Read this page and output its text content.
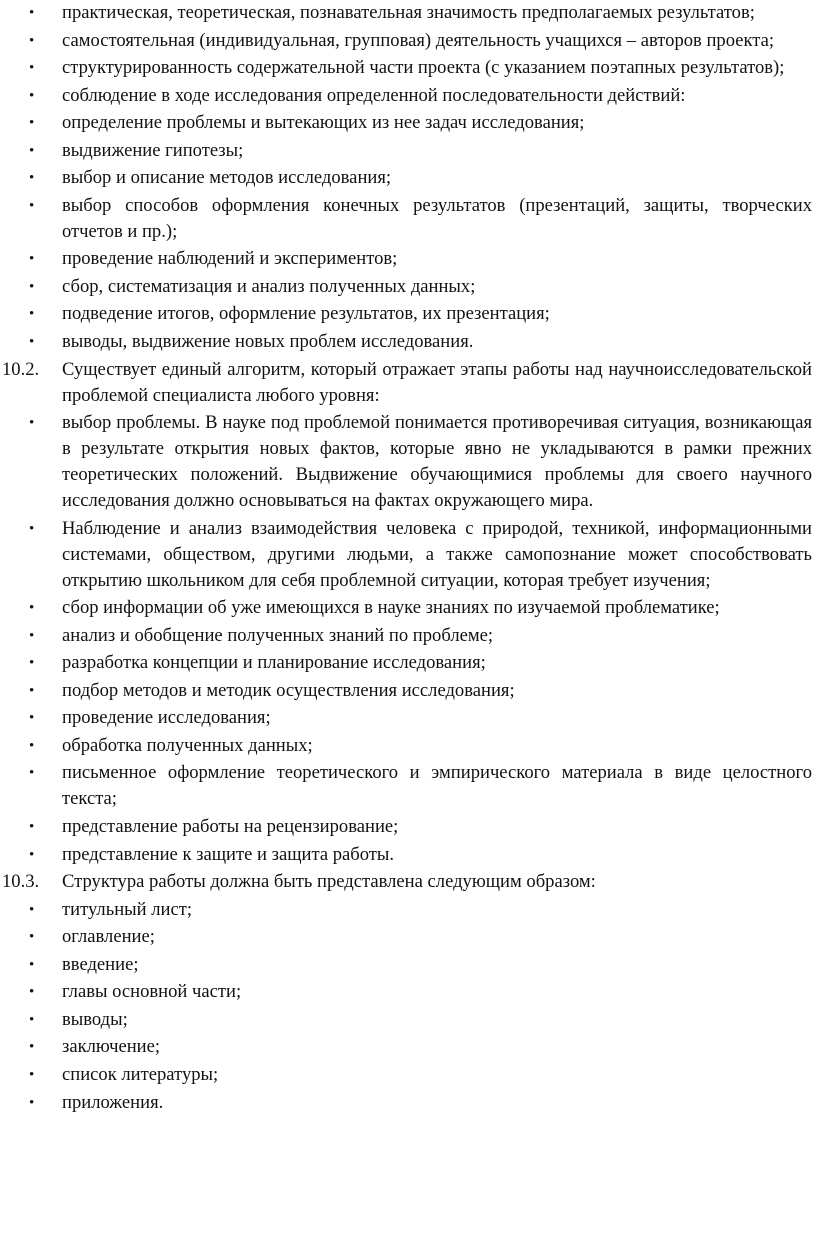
• практическая, теоретическая, познавательная значимость предполагаемых результатов;
• самостоятельная (индивидуальная, групповая) деятельность учащихся – авторов проекта;
• структурированность содержательной части проекта (с указанием поэтапных результатов);
• соблюдение в ходе исследования определенной последовательности действий:
• определение проблемы и вытекающих из нее задач исследования;
• выдвижение гипотезы;
• выбор и описание методов исследования;
• выбор способов оформления конечных результатов (презентаций, защиты, творческих отчетов и пр.);
• проведение наблюдений и экспериментов;
• сбор, систематизация и анализ полученных данных;
• подведение итогов, оформление результатов, их презентация;
• выводы, выдвижение новых проблем исследования.
10.2. Существует единый алгоритм, который отражает этапы работы над научноисследовательской проблемой специалиста любого уровня:
• выбор проблемы. В науке под проблемой понимается противоречивая ситуация, возникающая в результате открытия новых фактов, которые явно не укладываются в рамки прежних теоретических положений. Выдвижение обучающимися проблемы для своего научного исследования должно основываться на фактах окружающего мира.
• Наблюдение и анализ взаимодействия человека с природой, техникой, информационными системами, обществом, другими людьми, а также самопознание может способствовать открытию школьником для себя проблемной ситуации, которая требует изучения;
• сбор информации об уже имеющихся в науке знаниях по изучаемой проблематике;
• анализ и обобщение полученных знаний по проблеме;
• разработка концепции и планирование исследования;
• подбор методов и методик осуществления исследования;
• проведение исследования;
• обработка полученных данных;
• письменное оформление теоретического и эмпирического материала в виде целостного текста;
• представление работы на рецензирование;
• представление к защите и защита работы.
10.3. Структура работы должна быть представлена следующим образом:
• титульный лист;
• оглавление;
• введение;
• главы основной части;
• выводы;
• заключение;
• список литературы;
• приложения.
